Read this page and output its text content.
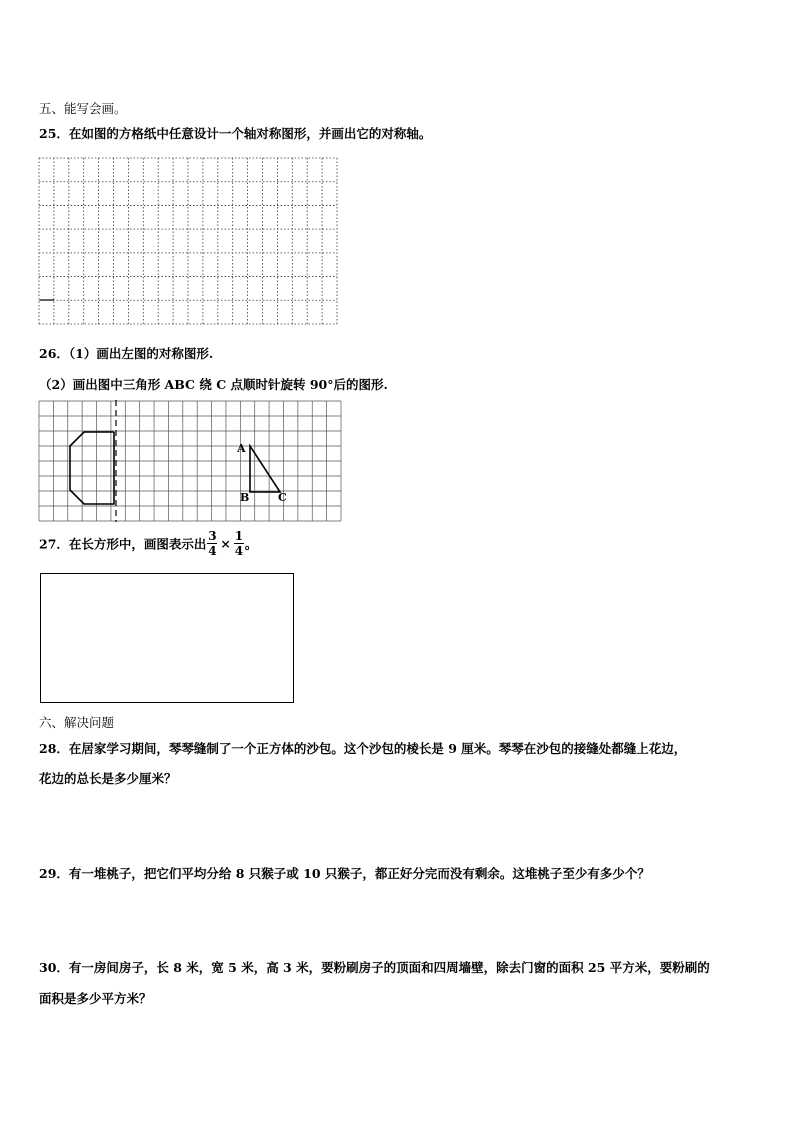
五、能写会画。
25．在如图的方格纸中任意设计一个轴对称图形，并画出它的对称轴。
26．（1）画出左图的对称图形.
（2）画出图中三角形 ABC 绕 C 点顺时针旋转 90°后的图形.
A
B	C
27．在长方形中，画图表示出 $\frac{3}{4} \times \frac{1}{4}$ 。
六、解决问题
28．在居家学习期间，琴琴缝制了一个正方体的沙包。这个沙包的棱长是 9 厘米。琴琴在沙包的接缝处都缝上花边，
花边的总长是多少厘米？
29．有一堆桃子，把它们平均分给 8 只猴子或 10 只猴子，都正好分完而没有剩余。这堆桃子至少有多少个？
30．有一房间房子，长 8 米，宽 5 米，高 3 米，要粉刷房子的顶面和四周墙壁，除去门窗的面积 25 平方米，要粉刷的
面积是多少平方米？
